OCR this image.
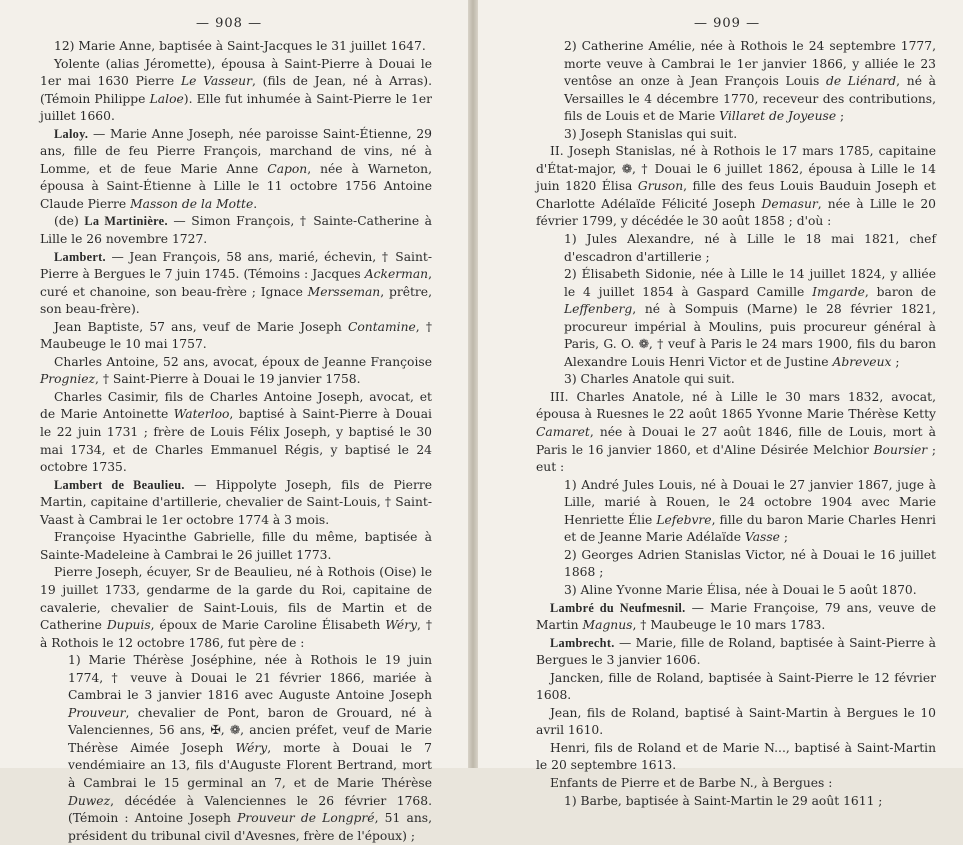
— 908 —

12) Marie Anne, baptisée à Saint-Jacques le 31 juillet 1647.

Yolente (alias Jéromette), épousa à Saint-Pierre à Douai le 1er mai 1630 Pierre Le Vasseur, (fils de Jean, né à Arras). (Témoin Philippe Laloe). Elle fut inhumée à Saint-Pierre le 1er juillet 1660.

Laloy. — Marie Anne Joseph, née paroisse Saint-Étienne, 29 ans, fille de feu Pierre François, marchand de vins, né à Lomme, et de feue Marie Anne Capon, née à Warneton, épousa à Saint-Étienne à Lille le 11 octobre 1756 Antoine Claude Pierre Masson de la Motte.

(de) La Martinière. — Simon François, † Sainte-Catherine à Lille le 26 novembre 1727.

Lambert. — Jean François, 58 ans, marié, échevin, † Saint-Pierre à Bergues le 7 juin 1745. (Témoins : Jacques Ackerman, curé et chanoine, son beau-frère ; Ignace Mersseman, prêtre, son beau-frère).

Jean Baptiste, 57 ans, veuf de Marie Joseph Contamine, † Maubeuge le 10 mai 1757.

Charles Antoine, 52 ans, avocat, époux de Jeanne Françoise Progniez, † Saint-Pierre à Douai le 19 janvier 1758.

Charles Casimir, fils de Charles Antoine Joseph, avocat, et de Marie Antoinette Waterloo, baptisé à Saint-Pierre à Douai le 22 juin 1731 ; frère de Louis Félix Joseph, y baptisé le 30 mai 1734, et de Charles Emmanuel Régis, y baptisé le 24 octobre 1735.

Lambert de Beaulieu. — Hippolyte Joseph, fils de Pierre Martin, capitaine d'artillerie, chevalier de Saint-Louis, † Saint-Vaast à Cambrai le 1er octobre 1774 à 3 mois.

Françoise Hyacinthe Gabrielle, fille du même, baptisée à Sainte-Madeleine à Cambrai le 26 juillet 1773.

Pierre Joseph, écuyer, Sr de Beaulieu, né à Rothois (Oise) le 19 juillet 1733, gendarme de la garde du Roi, capitaine de cavalerie, chevalier de Saint-Louis, fils de Martin et de Catherine Dupuis, époux de Marie Caroline Élisabeth Wéry, † à Rothois le 12 octobre 1786, fut père de :

1) Marie Thérèse Joséphine, née à Rothois le 19 juin 1774, † veuve à Douai le 21 février 1866, mariée à Cambrai le 3 janvier 1816 avec Auguste Antoine Joseph Prouveur, chevalier de Pont, baron de Grouard, né à Valenciennes, 56 ans, ✠, ❁, ancien préfet, veuf de Marie Thérèse Aimée Joseph Wéry, morte à Douai le 7 vendémiaire an 13, fils d'Auguste Florent Bertrand, mort à Cambrai le 15 germinal an 7, et de Marie Thérèse Duwez, décédée à Valenciennes le 26 février 1768. (Témoin : Antoine Joseph Prouveur de Longpré, 51 ans, président du tribunal civil d'Avesnes, frère de l'époux) ;

— 909 —

2) Catherine Amélie, née à Rothois le 24 septembre 1777, morte veuve à Cambrai le 1er janvier 1866, y alliée le 23 ventôse an onze à Jean François Louis de Liénard, né à Versailles le 4 décembre 1770, receveur des contributions, fils de Louis et de Marie Villaret de Joyeuse ;

3) Joseph Stanislas qui suit.

II. Joseph Stanislas, né à Rothois le 17 mars 1785, capitaine d'État-major, ❁, † Douai le 6 juillet 1862, épousa à Lille le 14 juin 1820 Élisa Gruson, fille des feus Louis Bauduin Joseph et Charlotte Adélaïde Félicité Joseph Demasur, née à Lille le 20 février 1799, y décédée le 30 août 1858 ; d'où :

1) Jules Alexandre, né à Lille le 18 mai 1821, chef d'escadron d'artillerie ;

2) Élisabeth Sidonie, née à Lille le 14 juillet 1824, y alliée le 4 juillet 1854 à Gaspard Camille Imgarde, baron de Leffenberg, né à Sompuis (Marne) le 28 février 1821, procureur impérial à Moulins, puis procureur général à Paris, G. O. ❁, † veuf à Paris le 24 mars 1900, fils du baron Alexandre Louis Henri Victor et de Justine Abreveux ;

3) Charles Anatole qui suit.

III. Charles Anatole, né à Lille le 30 mars 1832, avocat, épousa à Ruesnes le 22 août 1865 Yvonne Marie Thérèse Ketty Camaret, née à Douai le 27 août 1846, fille de Louis, mort à Paris le 16 janvier 1860, et d'Aline Désirée Melchior Boursier ; eut :

1) André Jules Louis, né à Douai le 27 janvier 1867, juge à Lille, marié à Rouen, le 24 octobre 1904 avec Marie Henriette Élie Lefebvre, fille du baron Marie Charles Henri et de Jeanne Marie Adélaïde Vasse ;

2) Georges Adrien Stanislas Victor, né à Douai le 16 juillet 1868 ;

3) Aline Yvonne Marie Élisa, née à Douai le 5 août 1870.

Lambré du Neufmesnil. — Marie Françoise, 79 ans, veuve de Martin Magnus, † Maubeuge le 10 mars 1783.

Lambrecht. — Marie, fille de Roland, baptisée à Saint-Pierre à Bergues le 3 janvier 1606.

Jancken, fille de Roland, baptisée à Saint-Pierre le 12 février 1608.

Jean, fils de Roland, baptisé à Saint-Martin à Bergues le 10 avril 1610.

Henri, fils de Roland et de Marie N..., baptisé à Saint-Martin le 20 septembre 1613.

Enfants de Pierre et de Barbe N., à Bergues :

1) Barbe, baptisée à Saint-Martin le 29 août 1611 ;
